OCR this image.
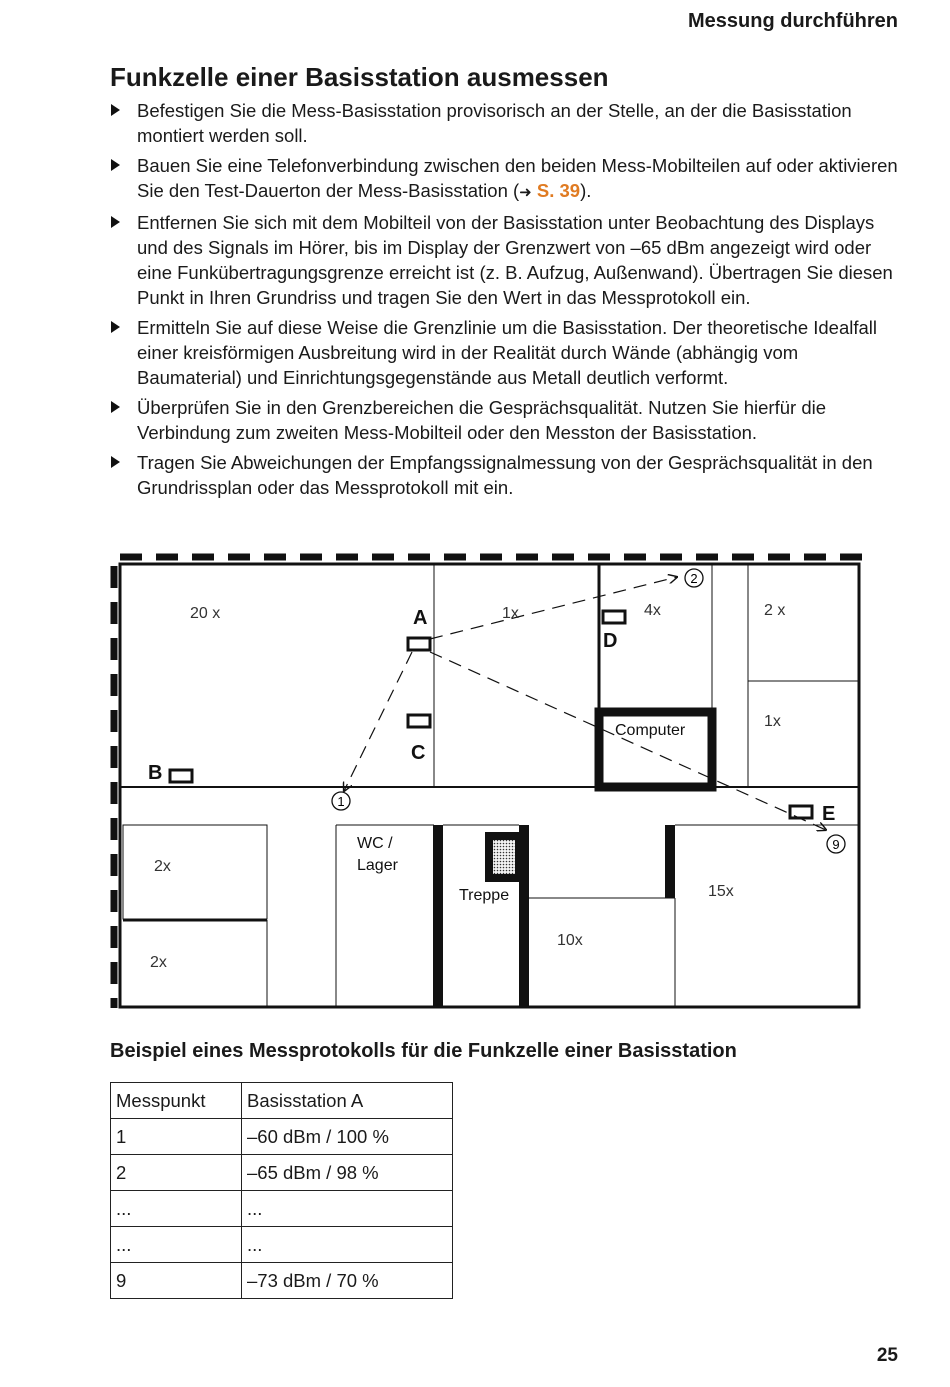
Messung durchführen
Funkzelle einer Basisstation ausmessen
Befestigen Sie die Mess-Basisstation provisorisch an der Stelle, an der die Basisstation montiert werden soll.
Bauen Sie eine Telefonverbindung zwischen den beiden Mess-Mobilteilen auf oder aktivieren Sie den Test-Dauerton der Mess-Basisstation (➜ S. 39).
Entfernen Sie sich mit dem Mobilteil von der Basisstation unter Beobachtung des Displays und des Signals im Hörer, bis im Display der Grenzwert von –65 dBm angezeigt wird oder eine Funkübertragungsgrenze erreicht ist (z. B. Aufzug, Außenwand). Übertragen Sie diesen Punkt in Ihren Grundriss und tragen Sie den Wert in das Messprotokoll ein.
Ermitteln Sie auf diese Weise die Grenzlinie um die Basisstation. Der theoretische Idealfall einer kreisförmigen Ausbreitung wird in der Realität durch Wände (abhängig vom Baumaterial) und Einrichtungsgegenstände aus Metall deutlich verformt.
Überprüfen Sie in den Grenzbereichen die Gesprächsqualität. Nutzen Sie hierfür die Verbindung zum zweiten Mess-Mobilteil oder den Messton der Basisstation.
Tragen Sie Abweichungen der Empfangssignalmessung von der Gesprächsqualität in den Grundrissplan oder das Messprotokoll mit ein.
1
2
9
20 x	1x	4x	2 x
1x
2x
2x
10x
15x
A
B
C
D
E
Computer
WC /
Lager
Treppe
Beispiel eines Messprotokolls für die Funkzelle einer Basisstation
Messpunkt	Basisstation A
1	–60 dBm / 100 %
2	–65 dBm / 98 %
...	...
...	...
9	–73 dBm / 70 %
25
